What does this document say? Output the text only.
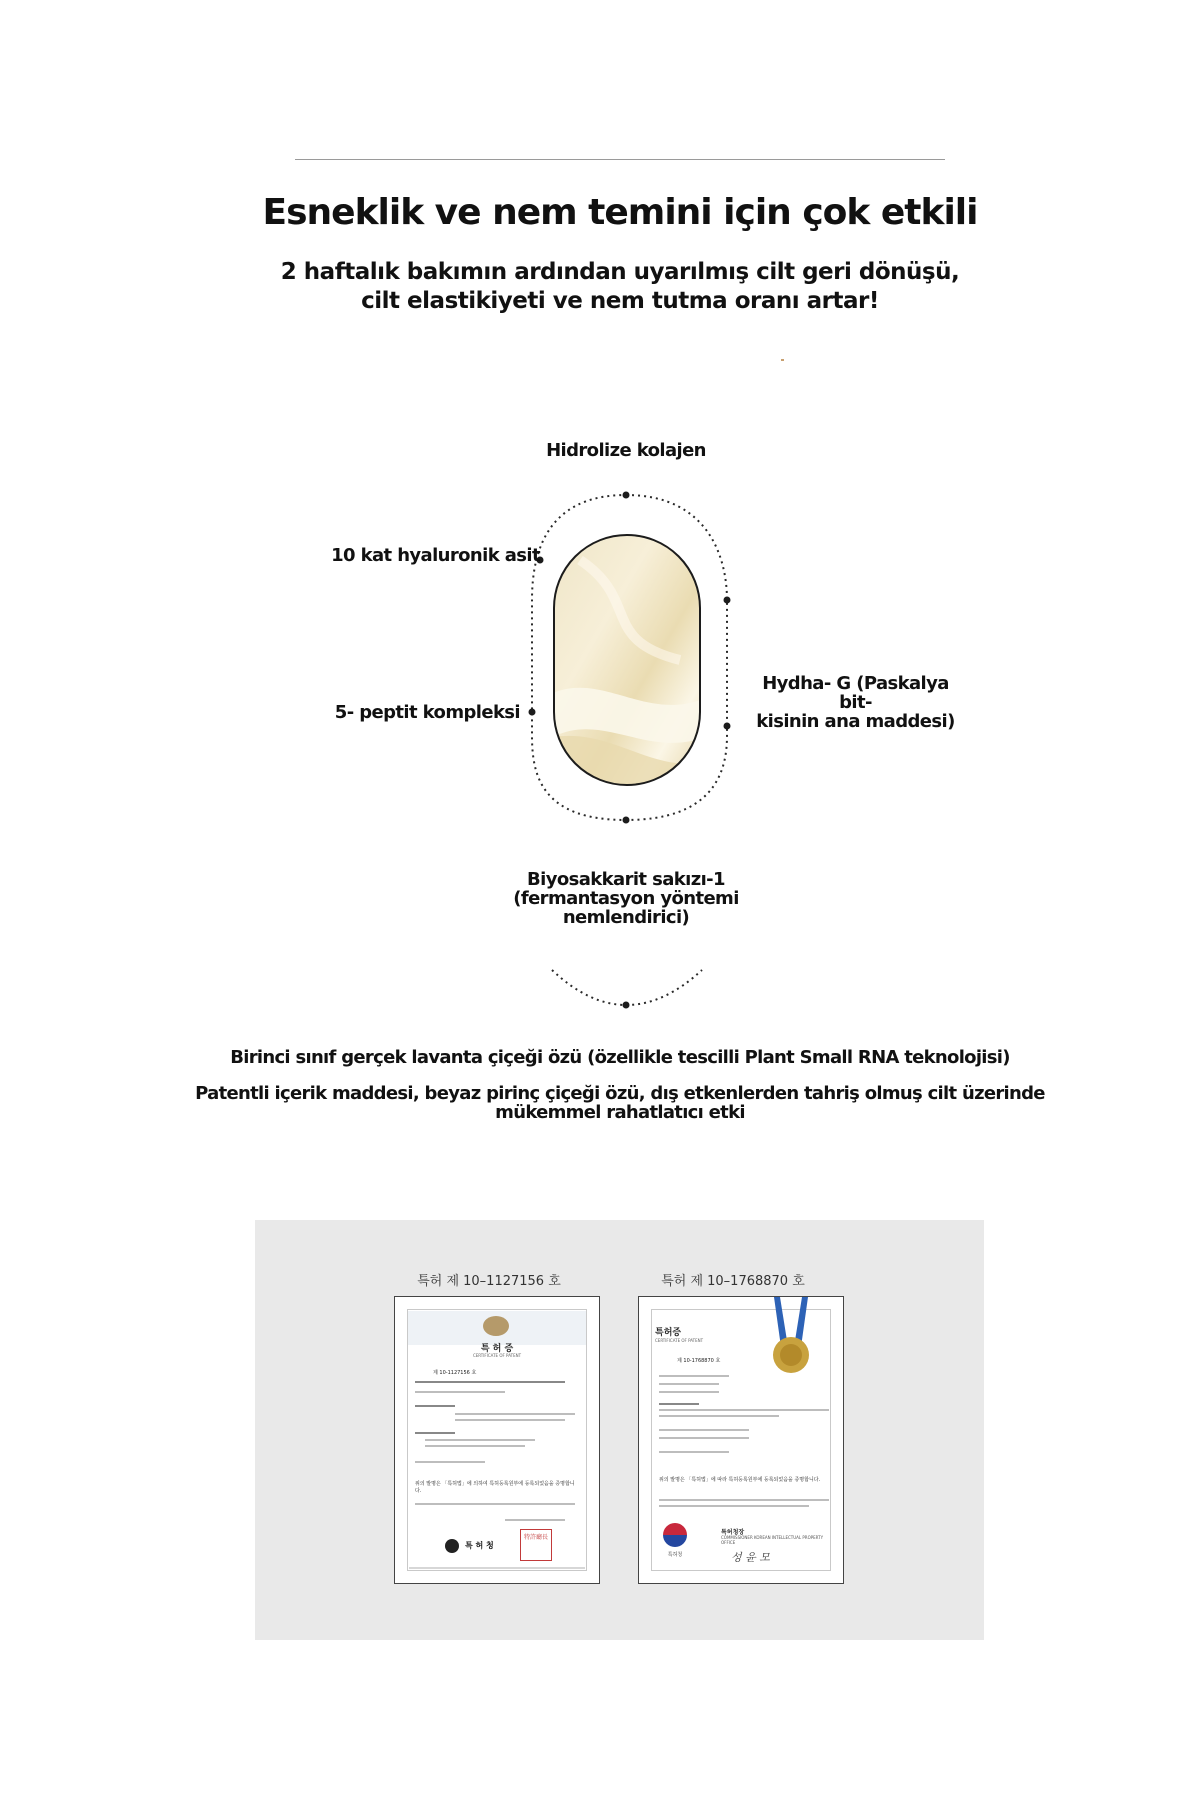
Esneklik ve nem temini için çok etkili
2 haftalık bakımın ardından uyarılmış cilt geri dönüşü,
cilt elastikiyeti ve nem tutma oranı artar!
Hidrolize kolajen
10 kat hyaluronik asit
5- peptit kompleksi
Hydha- G (Paskalya bit-
kisinin ana maddesi)
Biyosakkarit sakızı-1
(fermantasyon yöntemi
nemlendirici)
Birinci sınıf gerçek lavanta çiçeği özü (özellikle tescilli Plant Small RNA teknolojisi)
Patentli içerik maddesi, beyaz pirinç çiçeği özü, dış etkenlerden tahriş olmuş cilt üzerinde
mükemmel rahatlatıcı etki
특허 제 10–1127156 호	특허 제 10–1768870 호
특 허 증
CERTIFICATE OF PATENT
제 10-1127156 호
위의 발명은 「특허법」에 의하여 특허등록원부에 등록되었음을 증명합니다.
특 허 청
特許廳長
특허증
CERTIFICATE OF PATENT
제 10-1768870 호
위의 발명은 「특허법」에 따라 특허등록원부에 등록되었음을 증명합니다.
특허청
특허청장
COMMISSIONER KOREAN INTELLECTUAL PROPERTY OFFICE
성 윤 모
